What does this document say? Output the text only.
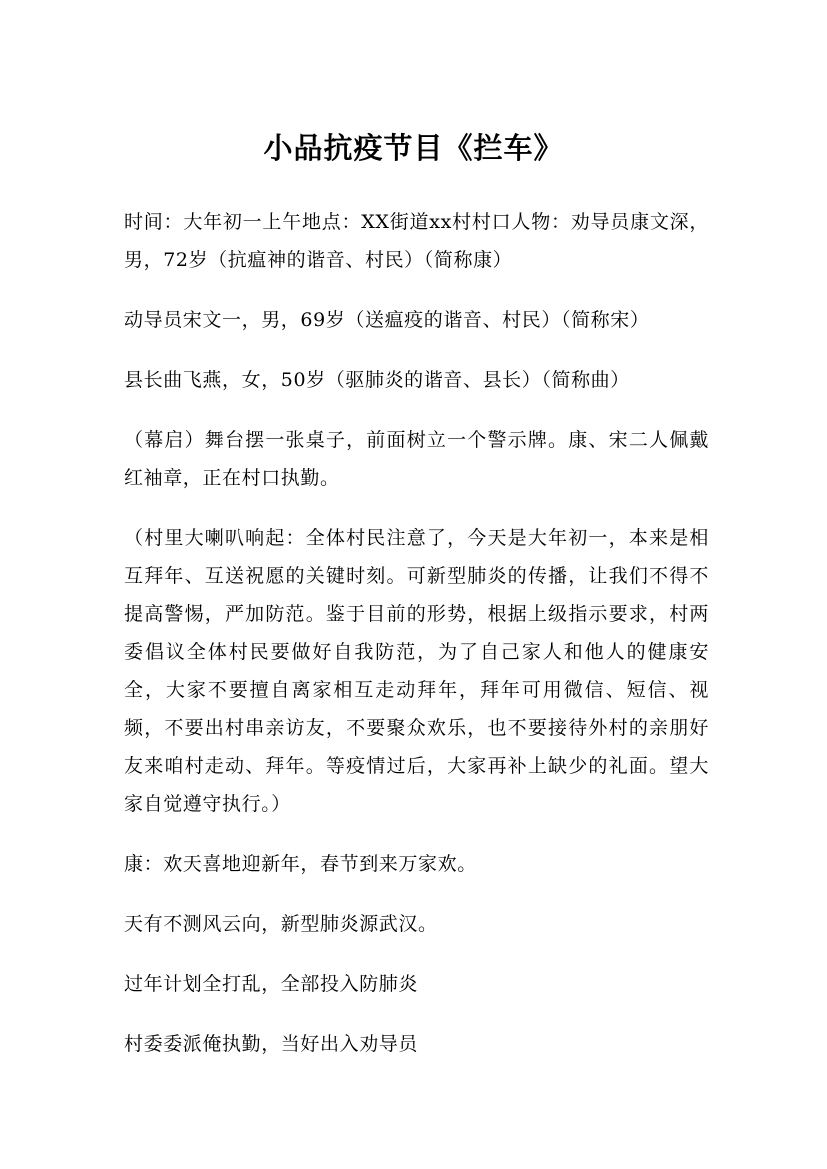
小品抗疫节目《拦车》

时间：大年初一上午地点：XX街道xx村村口人物：劝导员康文深，男，72岁（抗瘟神的谐音、村民）（简称康）

动导员宋文一，男，69岁（送瘟疫的谐音、村民）（简称宋）

县长曲飞燕，女，50岁（驱肺炎的谐音、县长）（简称曲）

（幕启）舞台摆一张桌子，前面树立一个警示牌。康、宋二人佩戴红袖章，正在村口执勤。

（村里大喇叭响起：全体村民注意了，今天是大年初一，本来是相互拜年、互送祝愿的关键时刻。可新型肺炎的传播，让我们不得不提高警惕，严加防范。鉴于目前的形势，根据上级指示要求，村两委倡议全体村民要做好自我防范，为了自己家人和他人的健康安全，大家不要擅自离家相互走动拜年，拜年可用微信、短信、视频，不要出村串亲访友，不要聚众欢乐，也不要接待外村的亲朋好友来咱村走动、拜年。等疫情过后，大家再补上缺少的礼面。望大家自觉遵守执行。）

康：欢天喜地迎新年，春节到来万家欢。

天有不测风云向，新型肺炎源武汉。

过年计划全打乱，全部投入防肺炎

村委委派俺执勤，当好出入劝导员
